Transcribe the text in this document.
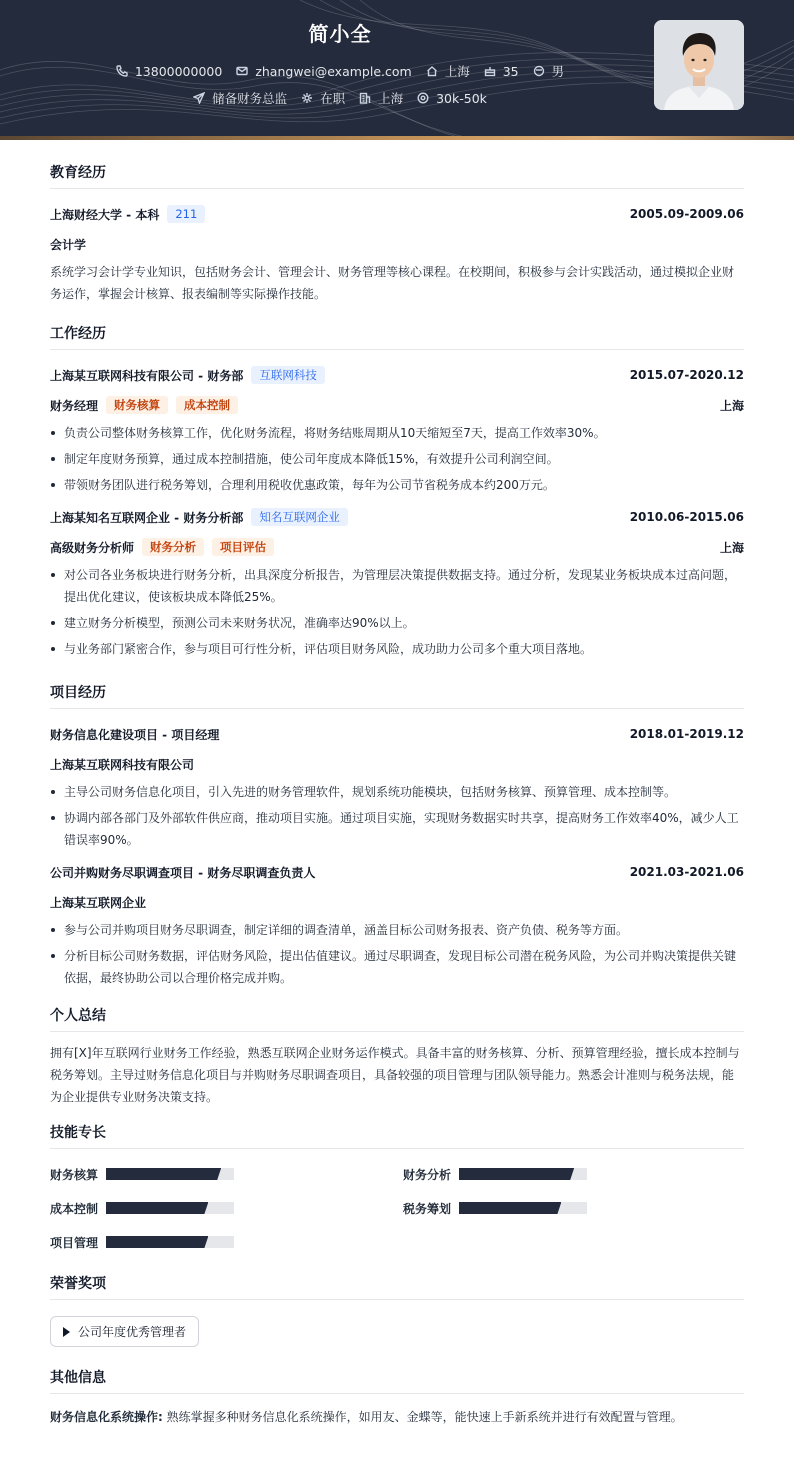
简小全
13800000000	zhangwei@example.com	上海	35	男
储备财务总监	在职	上海	30k-50k
教育经历
上海财经大学 - 本科	211	2005.09-2009.06
会计学
系统学习会计学专业知识，包括财务会计、管理会计、财务管理等核心课程。在校期间，积极参与会计实践活动，通过模拟企业财务运作，掌握会计核算、报表编制等实际操作技能。
工作经历
上海某互联网科技有限公司 - 财务部	互联网科技	2015.07-2020.12
财务经理	财务核算	成本控制	上海
负责公司整体财务核算工作，优化财务流程，将财务结账周期从10天缩短至7天，提高工作效率30%。
制定年度财务预算，通过成本控制措施，使公司年度成本降低15%，有效提升公司利润空间。
带领财务团队进行税务筹划，合理利用税收优惠政策，每年为公司节省税务成本约200万元。
上海某知名互联网企业 - 财务分析部	知名互联网企业	2010.06-2015.06
高级财务分析师	财务分析	项目评估	上海
对公司各业务板块进行财务分析，出具深度分析报告，为管理层决策提供数据支持。通过分析，发现某业务板块成本过高问题，提出优化建议，使该板块成本降低25%。
建立财务分析模型，预测公司未来财务状况，准确率达90%以上。
与业务部门紧密合作，参与项目可行性分析，评估项目财务风险，成功助力公司多个重大项目落地。
项目经历
财务信息化建设项目 - 项目经理	2018.01-2019.12
上海某互联网科技有限公司
主导公司财务信息化项目，引入先进的财务管理软件，规划系统功能模块，包括财务核算、预算管理、成本控制等。
协调内部各部门及外部软件供应商，推动项目实施。通过项目实施，实现财务数据实时共享，提高财务工作效率40%，减少人工错误率90%。
公司并购财务尽职调查项目 - 财务尽职调查负责人	2021.03-2021.06
上海某互联网企业
参与公司并购项目财务尽职调查，制定详细的调查清单，涵盖目标公司财务报表、资产负债、税务等方面。
分析目标公司财务数据，评估财务风险，提出估值建议。通过尽职调查，发现目标公司潜在税务风险，为公司并购决策提供关键依据，最终协助公司以合理价格完成并购。
个人总结
拥有[X]年互联网行业财务工作经验，熟悉互联网企业财务运作模式。具备丰富的财务核算、分析、预算管理经验，擅长成本控制与税务筹划。主导过财务信息化项目与并购财务尽职调查项目，具备较强的项目管理与团队领导能力。熟悉会计准则与税务法规，能为企业提供专业财务决策支持。
技能专长
财务核算	财务分析
成本控制	税务筹划
项目管理
荣誉奖项
公司年度优秀管理者
其他信息
财务信息化系统操作: 熟练掌握多种财务信息化系统操作，如用友、金蝶等，能快速上手新系统并进行有效配置与管理。
